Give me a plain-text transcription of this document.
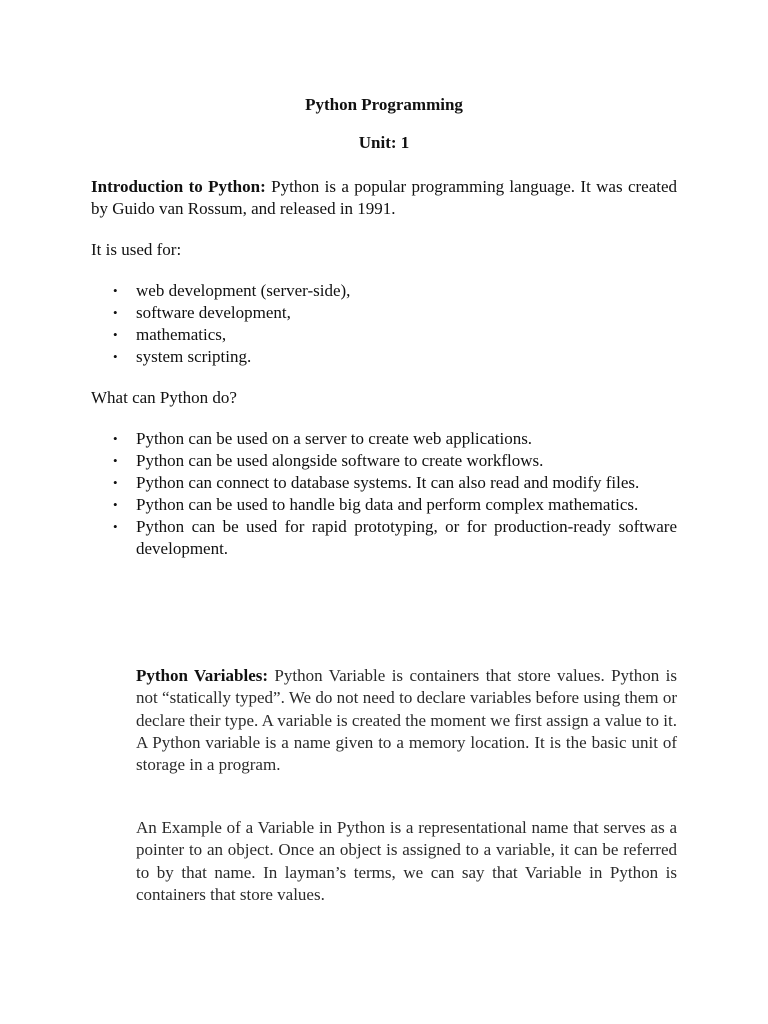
Python Programming
Unit: 1

Introduction to Python: Python is a popular programming language. It was created by Guido van Rossum, and released in 1991.

It is used for:

• web development (server-side),
• software development,
• mathematics,
• system scripting.

What can Python do?

• Python can be used on a server to create web applications.
• Python can be used alongside software to create workflows.
• Python can connect to database systems. It can also read and modify files.
• Python can be used to handle big data and perform complex mathematics.
• Python can be used for rapid prototyping, or for production-ready software development.

Python Variables: Python Variable is containers that store values. Python is not “statically typed”. We do not need to declare variables before using them or declare their type. A variable is created the moment we first assign a value to it. A Python variable is a name given to a memory location. It is the basic unit of storage in a program.

An Example of a Variable in Python is a representational name that serves as a pointer to an object. Once an object is assigned to a variable, it can be referred to by that name. In layman’s terms, we can say that Variable in Python is containers that store values.
